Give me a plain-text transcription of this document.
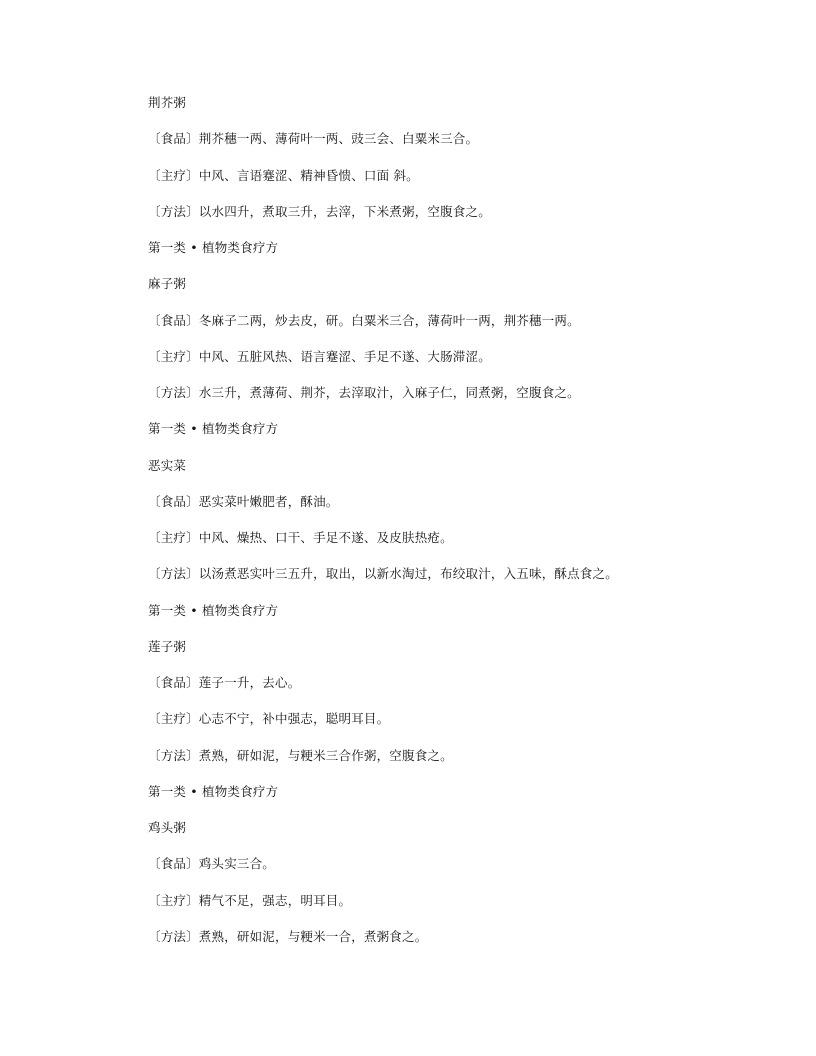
荆芥粥
〔食品〕荆芥穗一两、薄荷叶一两、豉三会、白粟米三合。
〔主疗〕中风、言语蹇涩、精神昏愦、口面 斜。
〔方法〕以水四升，煮取三升，去滓，下米煮粥，空腹食之。
第一类 • 植物类食疗方
麻子粥
〔食品〕冬麻子二两，炒去皮，研。白粟米三合，薄荷叶一两，荆芥穗一两。
〔主疗〕中风、五脏风热、语言蹇涩、手足不遂、大肠滞涩。
〔方法〕水三升，煮薄荷、荆芥，去滓取汁，入麻子仁，同煮粥，空腹食之。
第一类 • 植物类食疗方
恶实菜
〔食品〕恶实菜叶嫩肥者，酥油。
〔主疗〕中风、燥热、口干、手足不遂、及皮肤热疮。
〔方法〕以汤煮恶实叶三五升，取出，以新水淘过，布绞取汁，入五味，酥点食之。
第一类 • 植物类食疗方
莲子粥
〔食品〕莲子一升，去心。
〔主疗〕心志不宁，补中强志，聪明耳目。
〔方法〕煮熟，研如泥，与粳米三合作粥，空腹食之。
第一类 • 植物类食疗方
鸡头粥
〔食品〕鸡头实三合。
〔主疗〕精气不足，强志，明耳目。
〔方法〕煮熟，研如泥，与粳米一合，煮粥食之。
